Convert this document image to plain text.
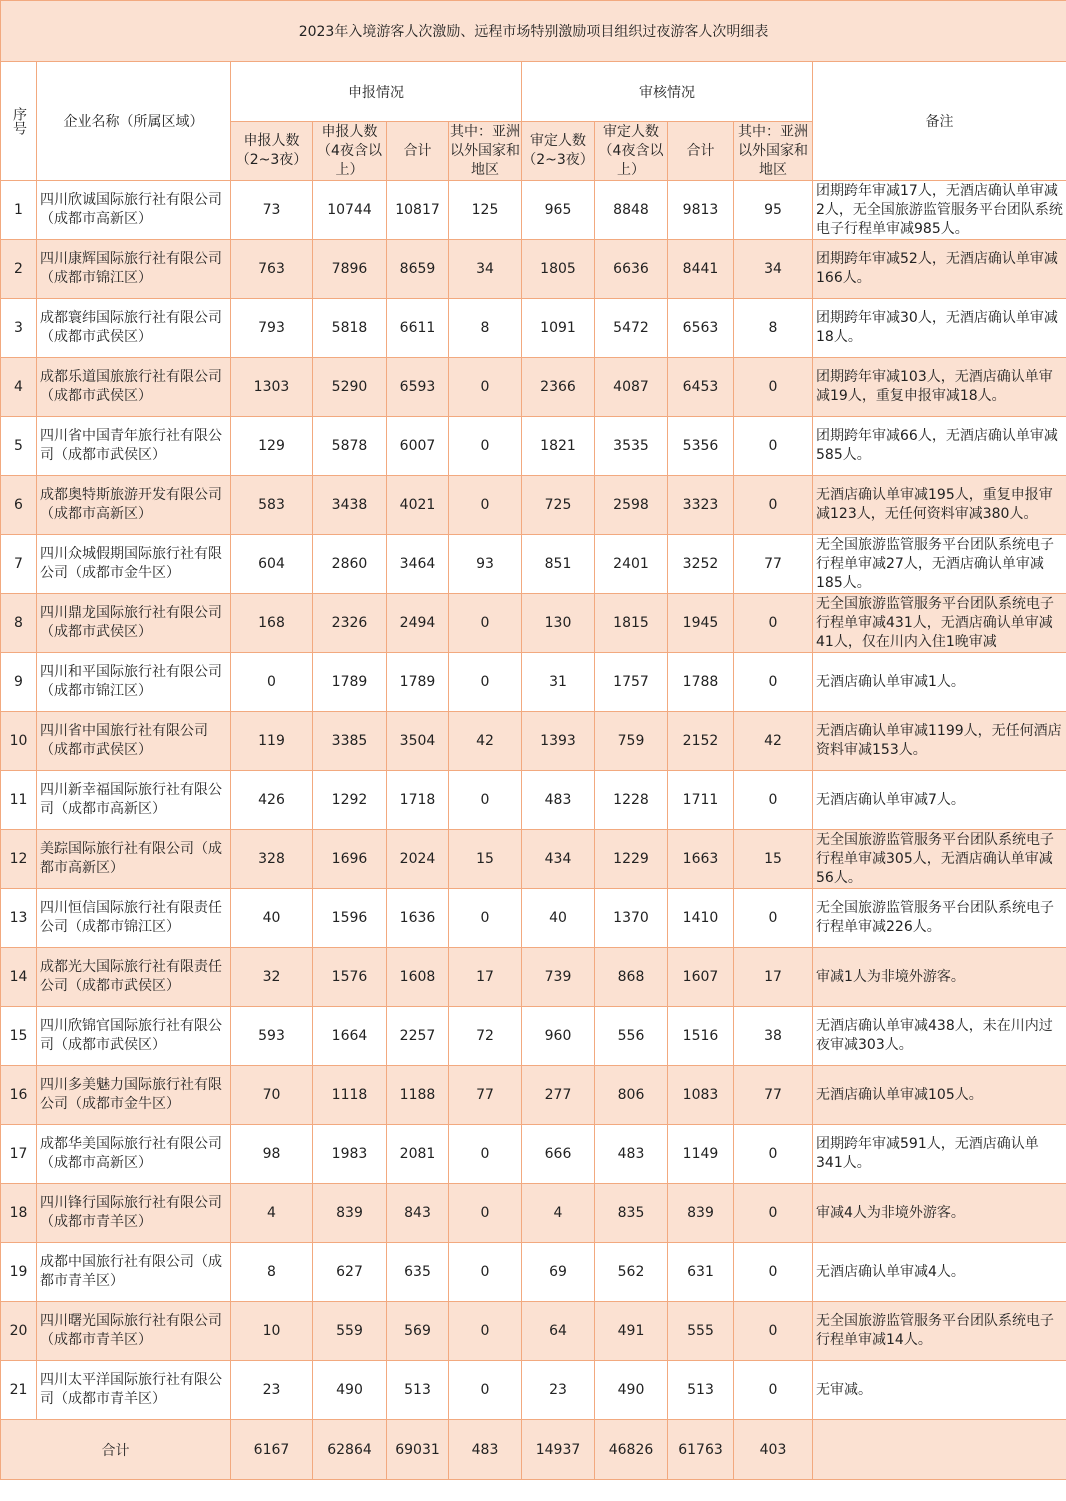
2023年入境游客人次激励、远程市场特别激励项目组织过夜游客人次明细表										
序号	企业名称（所属区域）	申报情况				审核情况				备注
		申报人数（2~3夜）	申报人数（4夜含以上）	合计	其中：亚洲以外国家和地区	审定人数（2~3夜）	审定人数（4夜含以上）	合计	其中：亚洲以外国家和地区	
1	四川欣诚国际旅行社有限公司（成都市高新区）	73	10744	10817	125	965	8848	9813	95	团期跨年审减17人，无酒店确认单审减2人，无全国旅游监管服务平台团队系统电子行程单审减985人。

2	四川康辉国际旅行社有限公司（成都市锦江区）	763	7896	8659	34	1805	6636	8441	34	团期跨年审减52人，无酒店确认单审减166人。

3	成都寰纬国际旅行社有限公司（成都市武侯区）	793	5818	6611	8	1091	5472	6563	8	团期跨年审减30人，无酒店确认单审减18人。

4	成都乐道国旅旅行社有限公司（成都市武侯区）	1303	5290	6593	0	2366	4087	6453	0	团期跨年审减103人，无酒店确认单审减19人，重复申报审减18人。

5	四川省中国青年旅行社有限公司（成都市武侯区）	129	5878	6007	0	1821	3535	5356	0	团期跨年审减66人，无酒店确认单审减585人。

6	成都奥特斯旅游开发有限公司（成都市高新区）	583	3438	4021	0	725	2598	3323	0	无酒店确认单审减195人，重复申报审减123人，无任何资料审减380人。

7	四川众城假期国际旅行社有限公司（成都市金牛区）	604	2860	3464	93	851	2401	3252	77	无全国旅游监管服务平台团队系统电子行程单审减27人，无酒店确认单审减185人。

8	四川鼎龙国际旅行社有限公司（成都市武侯区）	168	2326	2494	0	130	1815	1945	0	无全国旅游监管服务平台团队系统电子行程单审减431人，无酒店确认单审减41人，仅在川内入住1晚审减

9	四川和平国际旅行社有限公司（成都市锦江区）	0	1789	1789	0	31	1757	1788	0	无酒店确认单审减1人。

10	四川省中国旅行社有限公司（成都市武侯区）	119	3385	3504	42	1393	759	2152	42	无酒店确认单审减1199人，无任何酒店资料审减153人。

11	四川新幸福国际旅行社有限公司（成都市高新区）	426	1292	1718	0	483	1228	1711	0	无酒店确认单审减7人。

12	美踪国际旅行社有限公司（成都市高新区）	328	1696	2024	15	434	1229	1663	15	无全国旅游监管服务平台团队系统电子行程单审减305人，无酒店确认单审减56人。

13	四川恒信国际旅行社有限责任公司（成都市锦江区）	40	1596	1636	0	40	1370	1410	0	无全国旅游监管服务平台团队系统电子行程单审减226人。

14	成都光大国际旅行社有限责任公司（成都市武侯区）	32	1576	1608	17	739	868	1607	17	审减1人为非境外游客。

15	四川欣锦官国际旅行社有限公司（成都市武侯区）	593	1664	2257	72	960	556	1516	38	无酒店确认单审减438人，未在川内过夜审减303人。

16	四川多美魅力国际旅行社有限公司（成都市金牛区）	70	1118	1188	77	277	806	1083	77	无酒店确认单审减105人。

17	成都华美国际旅行社有限公司（成都市高新区）	98	1983	2081	0	666	483	1149	0	团期跨年审减591人，无酒店确认单341人。

18	四川锋行国际旅行社有限公司（成都市青羊区）	4	839	843	0	4	835	839	0	审减4人为非境外游客。

19	成都中国旅行社有限公司（成都市青羊区）	8	627	635	0	69	562	631	0	无酒店确认单审减4人。

20	四川曙光国际旅行社有限公司（成都市青羊区）	10	559	569	0	64	491	555	0	无全国旅游监管服务平台团队系统电子行程单审减14人。

21	四川太平洋国际旅行社有限公司（成都市青羊区）	23	490	513	0	23	490	513	0	无审减。

合计		6167	62864	69031	483	14937	46826	61763	403	
